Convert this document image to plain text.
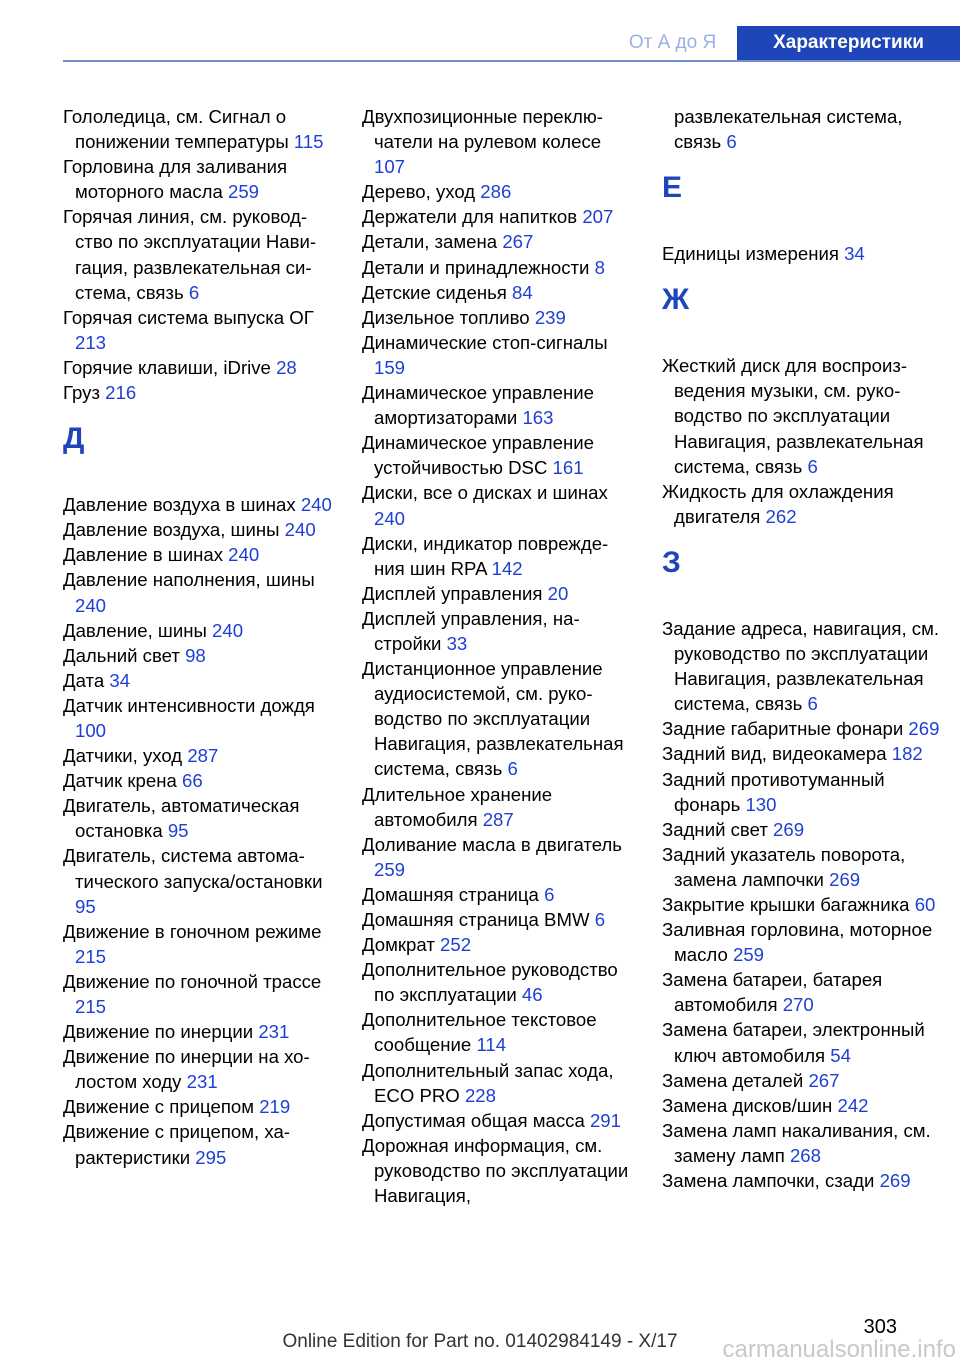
От А до Я	Характеристики
Гололедица, см. Сигнал о понижении температуры 115
Горловина для заливания моторного масла 259
Горячая линия, см. руководство по эксплуатации Навигация, развлекательная система, связь 6
Горячая система выпуска ОГ 213
Горячие клавиши, iDrive 28
Груз 216
Д
Давление воздуха в шинах 240
Давление воздуха, шины 240
Давление в шинах 240
Давление наполнения, шины 240
Давление, шины 240
Дальний свет 98
Дата 34
Датчик интенсивности дождя 100
Датчики, уход 287
Датчик крена 66
Двигатель, автоматическая остановка 95
Двигатель, система автоматического запуска/остановки 95
Движение в гоночном режиме 215
Движение по гоночной трассе 215
Движение по инерции 231
Движение по инерции на холостом ходу 231
Движение с прицепом 219
Движение с прицепом, характеристики 295
Двухпозиционные переключатели на рулевом колесе 107
Дерево, уход 286
Держатели для напитков 207
Детали, замена 267
Детали и принадлежности 8
Детские сиденья 84
Дизельное топливо 239
Динамические стоп-сигналы 159
Динамическое управление амортизаторами 163
Динамическое управление устойчивостью DSC 161
Диски, все о дисках и шинах 240
Диски, индикатор повреждения шин RPA 142
Дисплей управления 20
Дисплей управления, настройки 33
Дистанционное управление аудиосистемой, см. руководство по эксплуатации Навигация, развлекательная система, связь 6
Длительное хранение автомобиля 287
Доливание масла в двигатель 259
Домашняя страница 6
Домашняя страница BMW 6
Домкрат 252
Дополнительное руководство по эксплуатации 46
Дополнительное текстовое сообщение 114
Дополнительный запас хода, ECO PRO 228
Допустимая общая масса 291
Дорожная информация, см. руководство по эксплуатации Навигация,
развлекательная система, связь 6
Е
Единицы измерения 34
Ж
Жесткий диск для воспроизведения музыки, см. руководство по эксплуатации Навигация, развлекательная система, связь 6
Жидкость для охлаждения двигателя 262
З
Задание адреса, навигация, см. руководство по эксплуатации Навигация, развлекательная система, связь 6
Задние габаритные фонари 269
Задний вид, видеокамера 182
Задний противотуманный фонарь 130
Задний свет 269
Задний указатель поворота, замена лампочки 269
Закрытие крышки багажника 60
Заливная горловина, моторное масло 259
Замена батареи, батарея автомобиля 270
Замена батареи, электронный ключ автомобиля 54
Замена деталей 267
Замена дисков/шин 242
Замена ламп накаливания, см. замену ламп 268
Замена лампочки, сзади 269
303
Online Edition for Part no. 01402984149 - X/17	carmanualsonline.info
